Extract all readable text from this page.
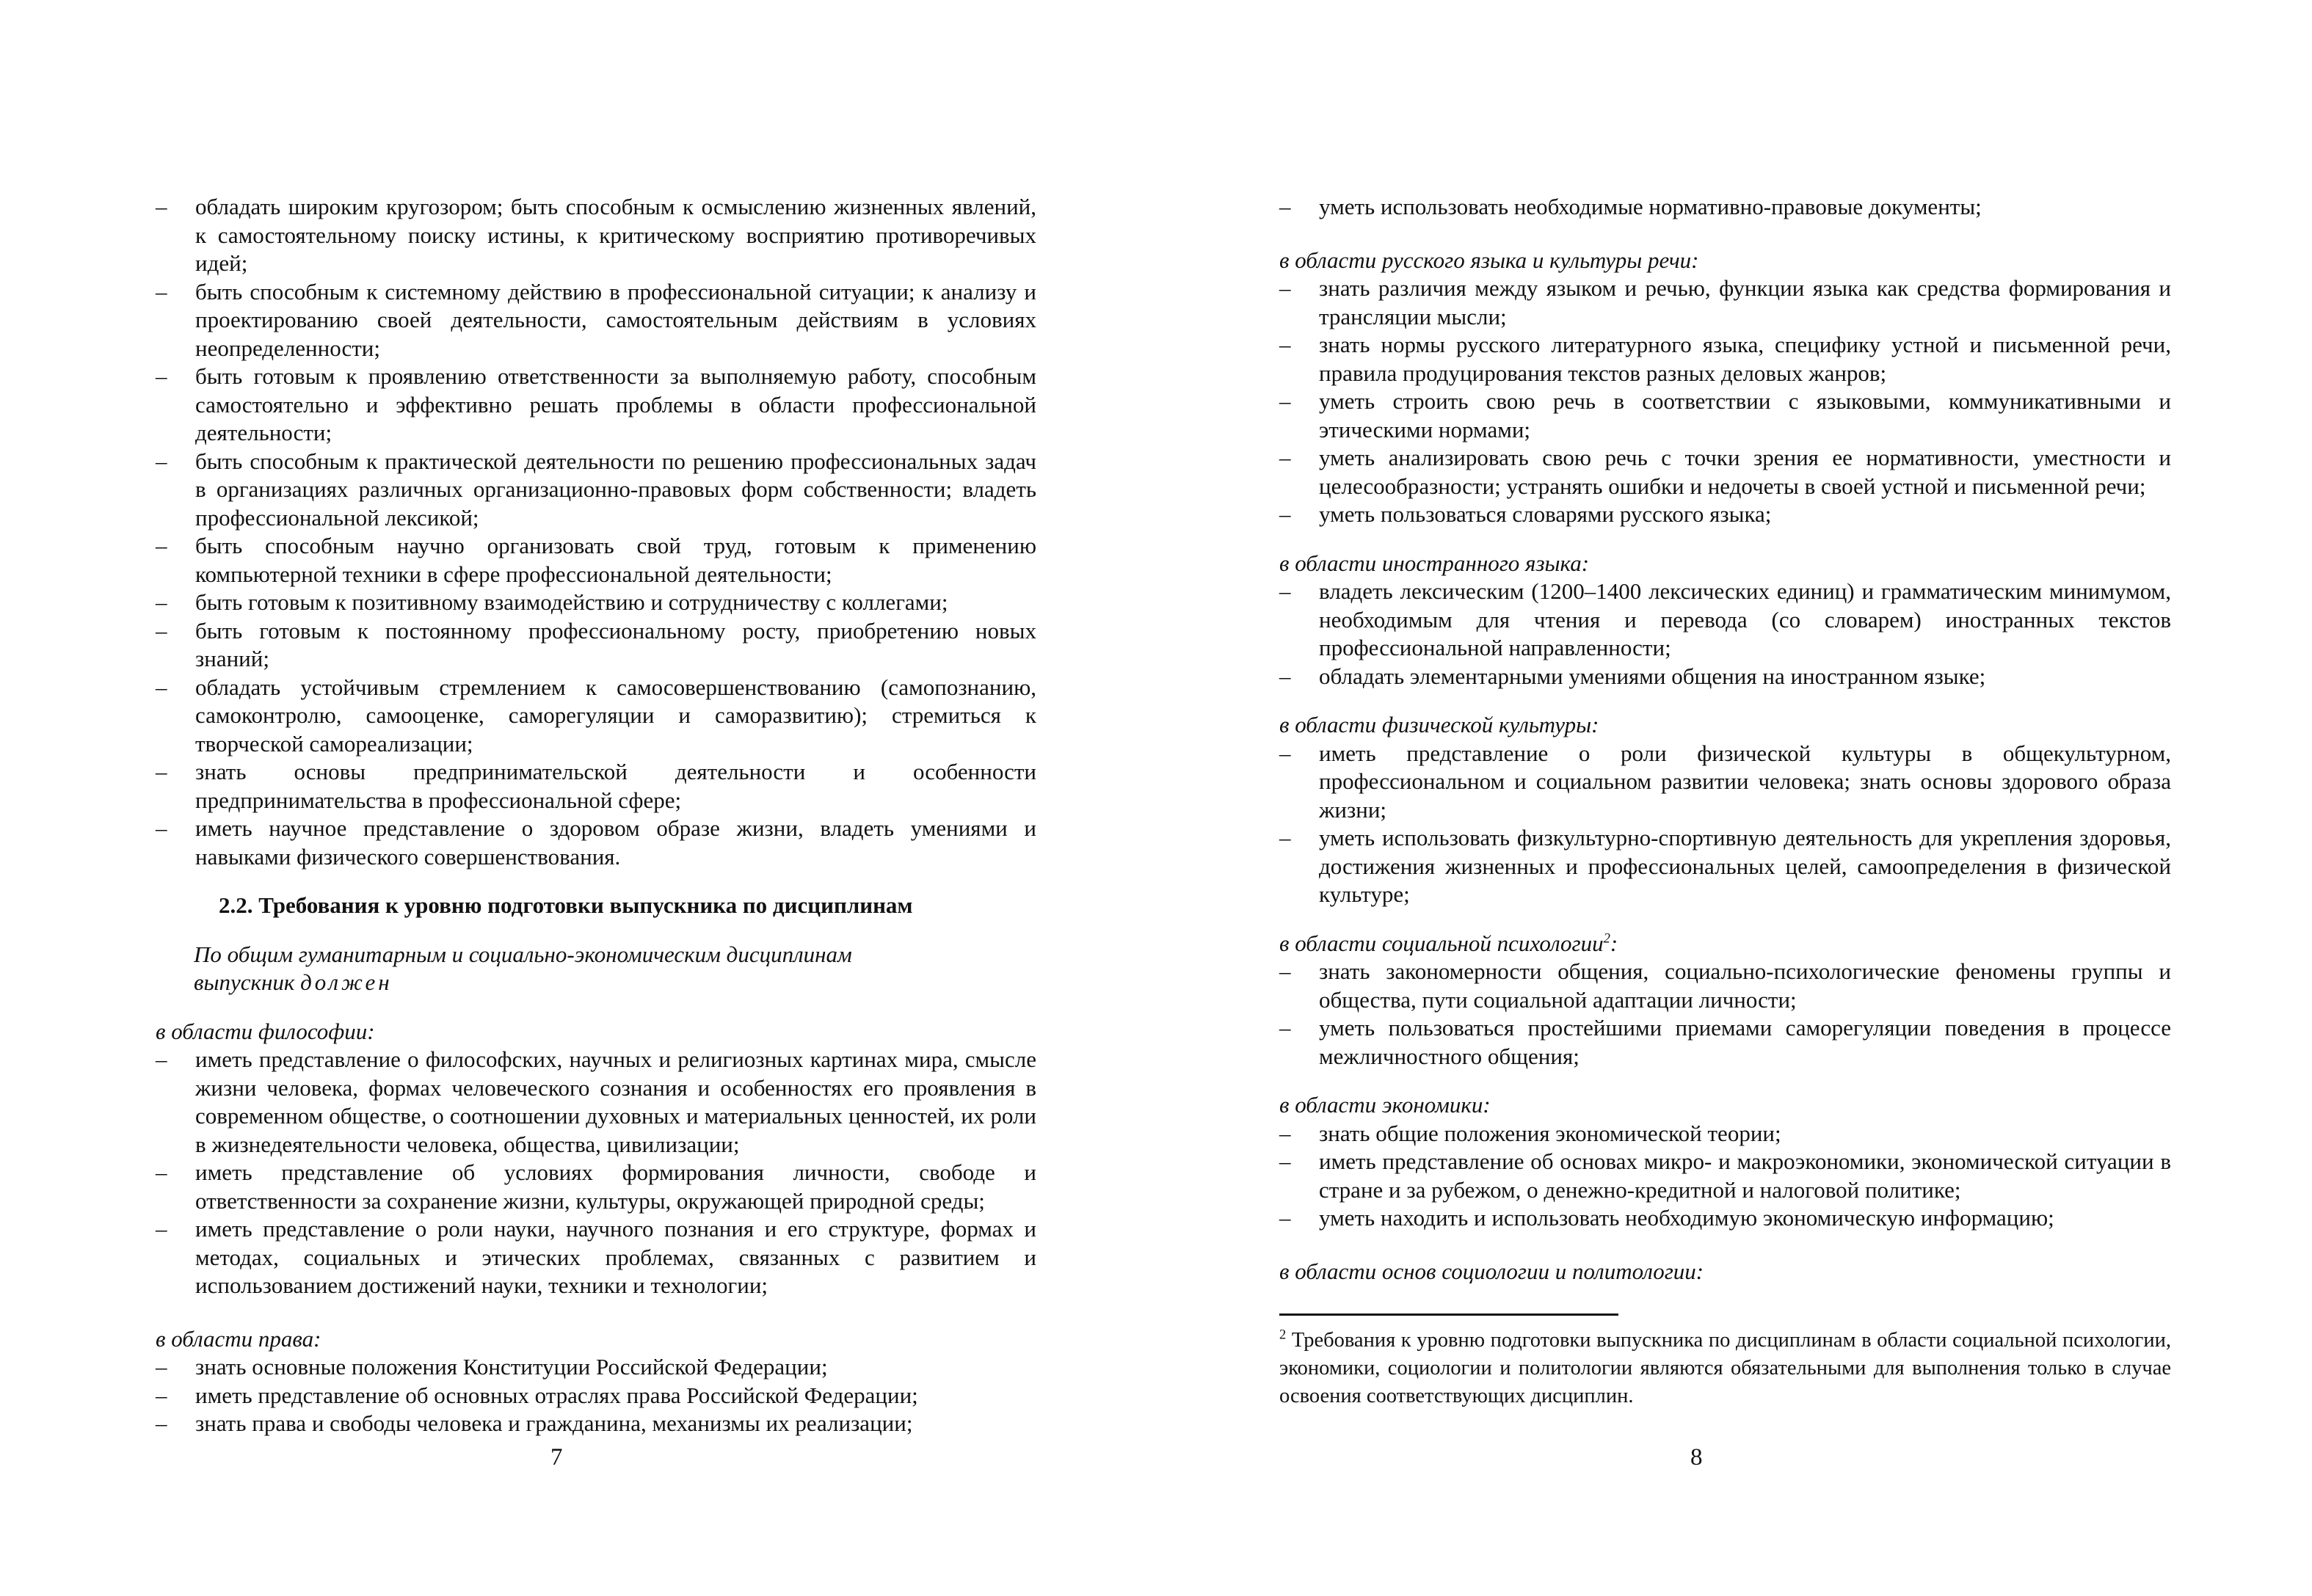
– обладать широким кругозором; быть способным к осмыслению жизненных явлений, к самостоятельному поиску истины, к критическому восприятию противоречивых идей;
– быть способным к системному действию в профессиональной ситуации; к анализу и проектированию своей деятельности, самостоятельным действиям в условиях неопределенности;
– быть готовым к проявлению ответственности за выполняемую работу, способным самостоятельно и эффективно решать проблемы в области профессиональной деятельности;
– быть способным к практической деятельности по решению профессиональных задач в организациях различных организационно-правовых форм собственности; владеть профессиональной лексикой;
– быть способным научно организовать свой труд, готовым к применению компьютерной техники в сфере профессиональной деятельности;
– быть готовым к позитивному взаимодействию и сотрудничеству с коллегами;
– быть готовым к постоянному профессиональному росту, приобретению новых знаний;
– обладать устойчивым стремлением к самосовершенствованию (самопознанию, самоконтролю, самооценке, саморегуляции и саморазвитию); стремиться к творческой самореализации;
– знать основы предпринимательской деятельности и особенности предпринимательства в профессиональной сфере;
– иметь научное представление о здоровом образе жизни, владеть умениями и навыками физического совершенствования.

2.2. Требования к уровню подготовки выпускника по дисциплинам

По общим гуманитарным и социально-экономическим дисциплинам
выпускник должен

в области философии:

– иметь представление о философских, научных и религиозных картинах мира, смысле жизни человека, формах человеческого сознания и особенностях его проявления в современном обществе, о соотношении духовных и материальных ценностей, их роли в жизнедеятельности человека, общества, цивилизации;
– иметь представление об условиях формирования личности, свободе и ответственности за сохранение жизни, культуры, окружающей природной среды;
– иметь представление о роли науки, научного познания и его структуре, формах и методах, социальных и этических проблемах, связанных с развитием и использованием достижений науки, техники и технологии;

в области права:

– знать основные положения Конституции Российской Федерации;
– иметь представление об основных отраслях права Российской Федерации;
– знать права и свободы человека и гражданина, механизмы их реализации;
7
– уметь использовать необходимые нормативно-правовые документы;

в области русского языка и культуры речи:

– знать различия между языком и речью, функции языка как средства формирования и трансляции мысли;
– знать нормы русского литературного языка, специфику устной и письменной речи, правила продуцирования текстов разных деловых жанров;
– уметь строить свою речь в соответствии с языковыми, коммуникативными и этическими нормами;
– уметь анализировать свою речь с точки зрения ее нормативности, уместности и целесообразности; устранять ошибки и недочеты в своей устной и письменной речи;
– уметь пользоваться словарями русского языка;

в области иностранного языка:

– владеть лексическим (1200–1400 лексических единиц) и грамматическим минимумом, необходимым для чтения и перевода (со словарем) иностранных текстов профессиональной направленности;
– обладать элементарными умениями общения на иностранном языке;

в области физической культуры:

– иметь представление о роли физической культуры в общекультурном, профессиональном и социальном развитии человека; знать основы здорового образа жизни;
– уметь использовать физкультурно-спортивную деятельность для укрепления здоровья, достижения жизненных и профессиональных целей, самоопределения в физической культуре;

в области социальной психологии$^2$:

– знать закономерности общения, социально-психологические феномены группы и общества, пути социальной адаптации личности;
– уметь пользоваться простейшими приемами саморегуляции поведения в процессе межличностного общения;

в области экономики:

– знать общие положения экономической теории;
– иметь представление об основах микро- и макроэкономики, экономической ситуации в стране и за рубежом, о денежно-кредитной и налоговой политике;
– уметь находить и использовать необходимую экономическую информацию;

в области основ социологии и политологии:

$^2$ Требования к уровню подготовки выпускника по дисциплинам в области социальной психологии, экономики, социологии и политологии являются обязательными для выполнения только в случае освоения соответствующих дисциплин.
8
